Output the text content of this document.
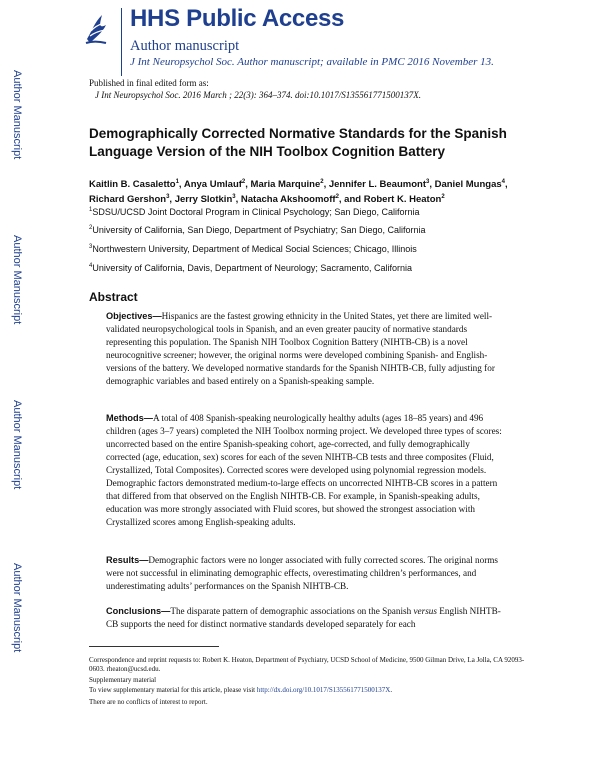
HHS Public Access
Author manuscript
J Int Neuropsychol Soc. Author manuscript; available in PMC 2016 November 13.
Author Manuscript
Author Manuscript
Author Manuscript
Author Manuscript
Published in final edited form as:
J Int Neuropsychol Soc. 2016 March ; 22(3): 364–374. doi:10.1017/S135561771500137X.
Demographically Corrected Normative Standards for the Spanish Language Version of the NIH Toolbox Cognition Battery
Kaitlin B. Casaletto$^1$, Anya Umlauf$^2$, Maria Marquine$^2$, Jennifer L. Beaumont$^3$, Daniel Mungas$^4$, Richard Gershon$^3$, Jerry Slotkin$^3$, Natacha Akshoomoff$^2$, and Robert K. Heaton$^2$
$^1$SDSU/UCSD Joint Doctoral Program in Clinical Psychology; San Diego, California
$^2$University of California, San Diego, Department of Psychiatry; San Diego, California
$^3$Northwestern University, Department of Medical Social Sciences; Chicago, Illinois
$^4$University of California, Davis, Department of Neurology; Sacramento, California
Abstract
Objectives—Hispanics are the fastest growing ethnicity in the United States, yet there are limited well-validated neuropsychological tools in Spanish, and an even greater paucity of normative standards representing this population. The Spanish NIH Toolbox Cognition Battery (NIHTB-CB) is a novel neurocognitive screener; however, the original norms were developed combining Spanish- and English-versions of the battery. We developed normative standards for the Spanish NIHTB-CB, fully adjusting for demographic variables and based entirely on a Spanish-speaking sample.
Methods—A total of 408 Spanish-speaking neurologically healthy adults (ages 18–85 years) and 496 children (ages 3–7 years) completed the NIH Toolbox norming project. We developed three types of scores: uncorrected based on the entire Spanish-speaking cohort, age-corrected, and fully demographically corrected (age, education, sex) scores for each of the seven NIHTB-CB tests and three composites (Fluid, Crystallized, Total Composites). Corrected scores were developed using polynomial regression models. Demographic factors demonstrated medium-to-large effects on uncorrected NIHTB-CB scores in a pattern that differed from that observed on the English NIHTB-CB. For example, in Spanish-speaking adults, education was more strongly associated with Fluid scores, but showed the strongest association with Crystallized scores among English-speaking adults.
Results—Demographic factors were no longer associated with fully corrected scores. The original norms were not successful in eliminating demographic effects, overestimating children’s performances, and underestimating adults’ performances on the Spanish NIHTB-CB.
Conclusions—The disparate pattern of demographic associations on the Spanish versus English NIHTB-CB supports the need for distinct normative standards developed separately for each
Correspondence and reprint requests to: Robert K. Heaton, Department of Psychiatry, UCSD School of Medicine, 9500 Gilman Drive, La Jolla, CA 92093-0603. rheaton@ucsd.edu.
Supplementary material
To view supplementary material for this article, please visit http://dx.doi.org/10.1017/S135561771500137X.
There are no conflicts of interest to report.
